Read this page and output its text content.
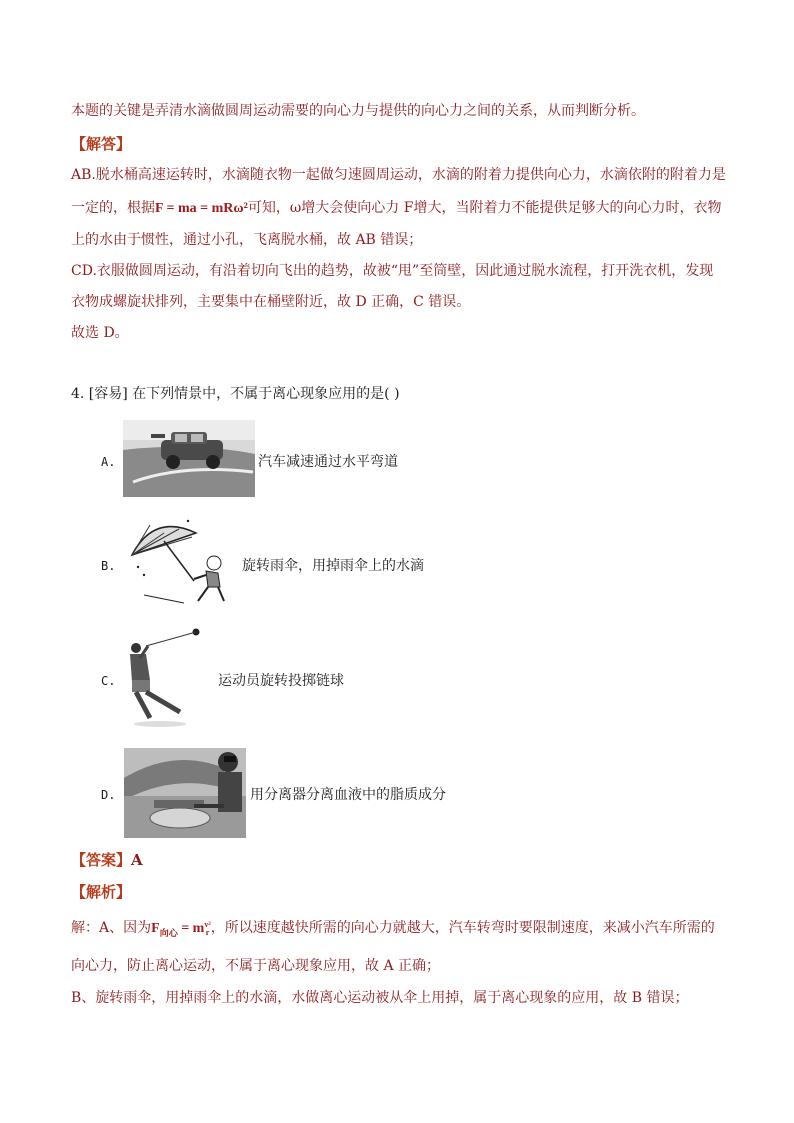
本题的关键是弄清水滴做圆周运动需要的向心力与提供的向心力之间的关系，从而判断分析。
【解答】
AB.脱水桶高速运转时，水滴随衣物一起做匀速圆周运动，水滴的附着力提供向心力，水滴依附的附着力是
一定的，根据F = ma = mRω²可知，ω增大会使向心力 F增大，当附着力不能提供足够大的向心力时，衣物
上的水由于惯性，通过小孔，飞离脱水桶，故 AB 错误；
CD.衣服做圆周运动，有沿着切向飞出的趋势，故被“甩”至筒壁，因此通过脱水流程，打开洗衣机，发现
衣物成螺旋状排列，主要集中在桶壁附近，故 D 正确，C 错误。
故选 D。
4. [容易] 在下列情景中，不属于离心现象应用的是( )
A.	汽车减速通过水平弯道
B.	旋转雨伞，用掉雨伞上的水滴
C.	运动员旋转投掷链球
D.	用分离器分离血液中的脂质成分
【答案】A
【解析】
解：A、因为$F_{向心} = m$ v²
r ，所以速度越快所需的向心力就越大，汽车转弯时要限制速度，来减小汽车所需的
向心力，防止离心运动，不属于离心现象应用，故 A 正确；
B、旋转雨伞，用掉雨伞上的水滴，水做离心运动被从伞上用掉，属于离心现象的应用，故 B 错误；
